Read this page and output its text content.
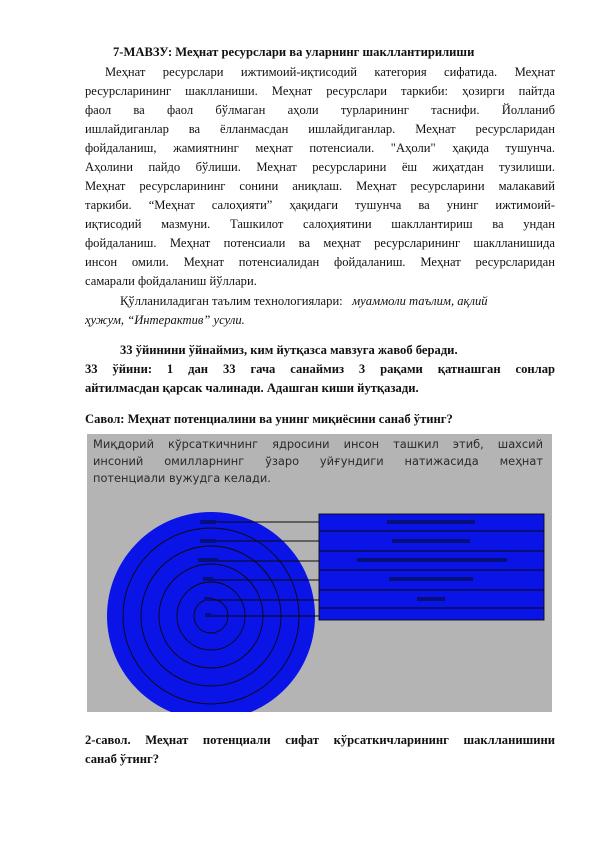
7-МАВЗУ: Меҳнат ресурслари ва уларнинг шакллантирилиши
Меҳнат ресурслари ижтимоий-иқтисодий категория сифатида. Меҳнат
ресурсларининг шаклланиши. Меҳнат ресурслари таркиби: ҳозирги пайтда
фаол ва фаол бўлмаган аҳоли турларининг таснифи. Йолланиб
ишлайдиганлар ва ёлланмасдан ишлайдиганлар. Меҳнат ресурсларидан
фойдаланиш, жамиятнинг меҳнат потенсиали. "Аҳоли" ҳақида тушунча.
Аҳолини пайдо бўлиши. Меҳнат ресурсларини ёш жиҳатдан тузилиши.
Меҳнат ресурсларининг сонини аниқлаш. Меҳнат ресурсларини малакавий
таркиби. “Меҳнат салоҳияти” ҳақидаги тушунча ва унинг ижтимоий-
иқтисодий мазмуни. Ташкилот салоҳиятини шакллантириш ва ундан
фойдаланиш. Меҳнат потенсиали ва меҳнат ресурсларининг шаклланишида
инсон омили. Меҳнат потенсиалидан фойдаланиш. Меҳнат ресурсларидан
самарали фойдаланиш йўллари.
Қўлланиладиган таълим технологиялари: муаммоли таълим, ақлий
ҳужум, “Интерактив” усули.
33 ўйинини ўйнаймиз, ким йутқазса мавзуга жавоб беради.
33 ўйини: 1 дан 33 гача санаймиз 3 рақами қатнашган сонлар
айтилмасдан қарсак чалинади. Адашган киши йутқазади.
Савол: Меҳнат потенциалини ва унинг миқиёсини санаб ўтинг?
Миқдорий кўрсаткичнинг ядросини инсон ташкил этиб, шахсий
инсоний омилларнинг ўзаро уйғундиги натижасида меҳнат
потенциали вужудга келади.
2-савол. Меҳнат потенциали сифат кўрсаткичларининг шаклланишини
санаб ўтинг?
